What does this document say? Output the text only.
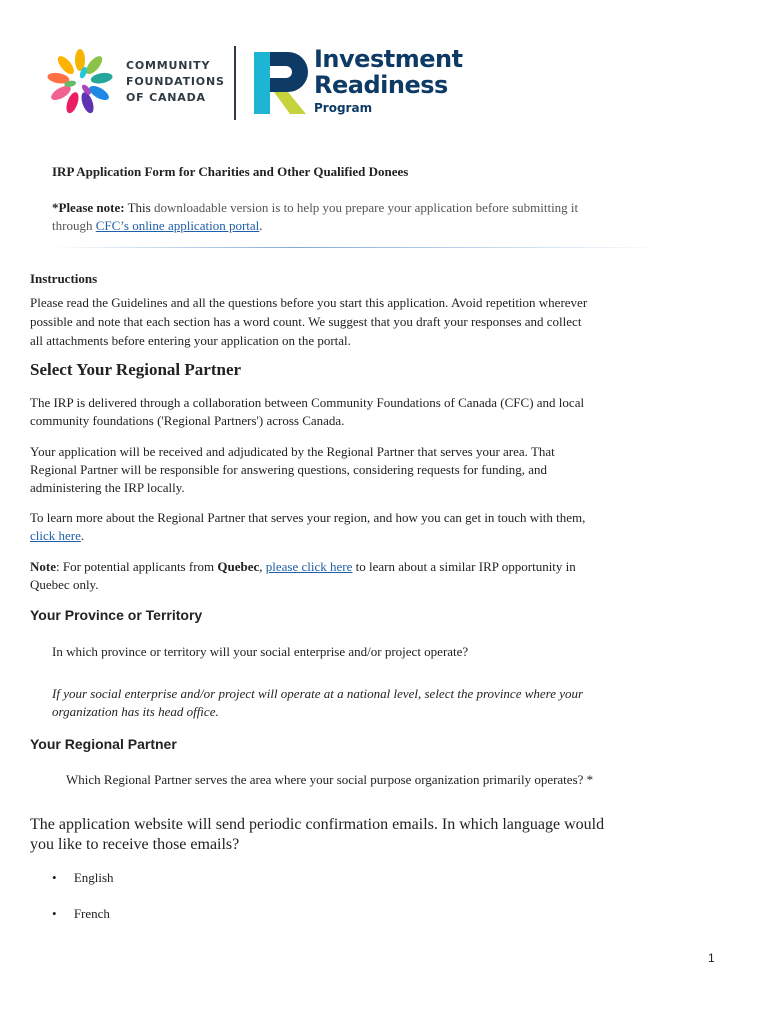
COMMUNITY
FOUNDATIONS
OF CANADA
Investment
Readiness
Program
IRP Application Form for Charities and Other Qualified Donees
*Please note: This downloadable version is to help you prepare your application before submitting it
through CFC’s online application portal.
Instructions
Please read the Guidelines and all the questions before you start this application. Avoid repetition wherever
possible and note that each section has a word count. We suggest that you draft your responses and collect
all attachments before entering your application on the portal.
Select Your Regional Partner
The IRP is delivered through a collaboration between Community Foundations of Canada (CFC) and local
community foundations ('Regional Partners') across Canada.
Your application will be received and adjudicated by the Regional Partner that serves your area. That
Regional Partner will be responsible for answering questions, considering requests for funding, and
administering the IRP locally.
To learn more about the Regional Partner that serves your region, and how you can get in touch with them,
click here.
Note: For potential applicants from Quebec, please click here to learn about a similar IRP opportunity in
Quebec only.
Your Province or Territory
In which province or territory will your social enterprise and/or project operate?
If your social enterprise and/or project will operate at a national level, select the province where your
organization has its head office.
Your Regional Partner
Which Regional Partner serves the area where your social purpose organization primarily operates? *
The application website will send periodic confirmation emails. In which language would
you like to receive those emails?
• English
• French
1
